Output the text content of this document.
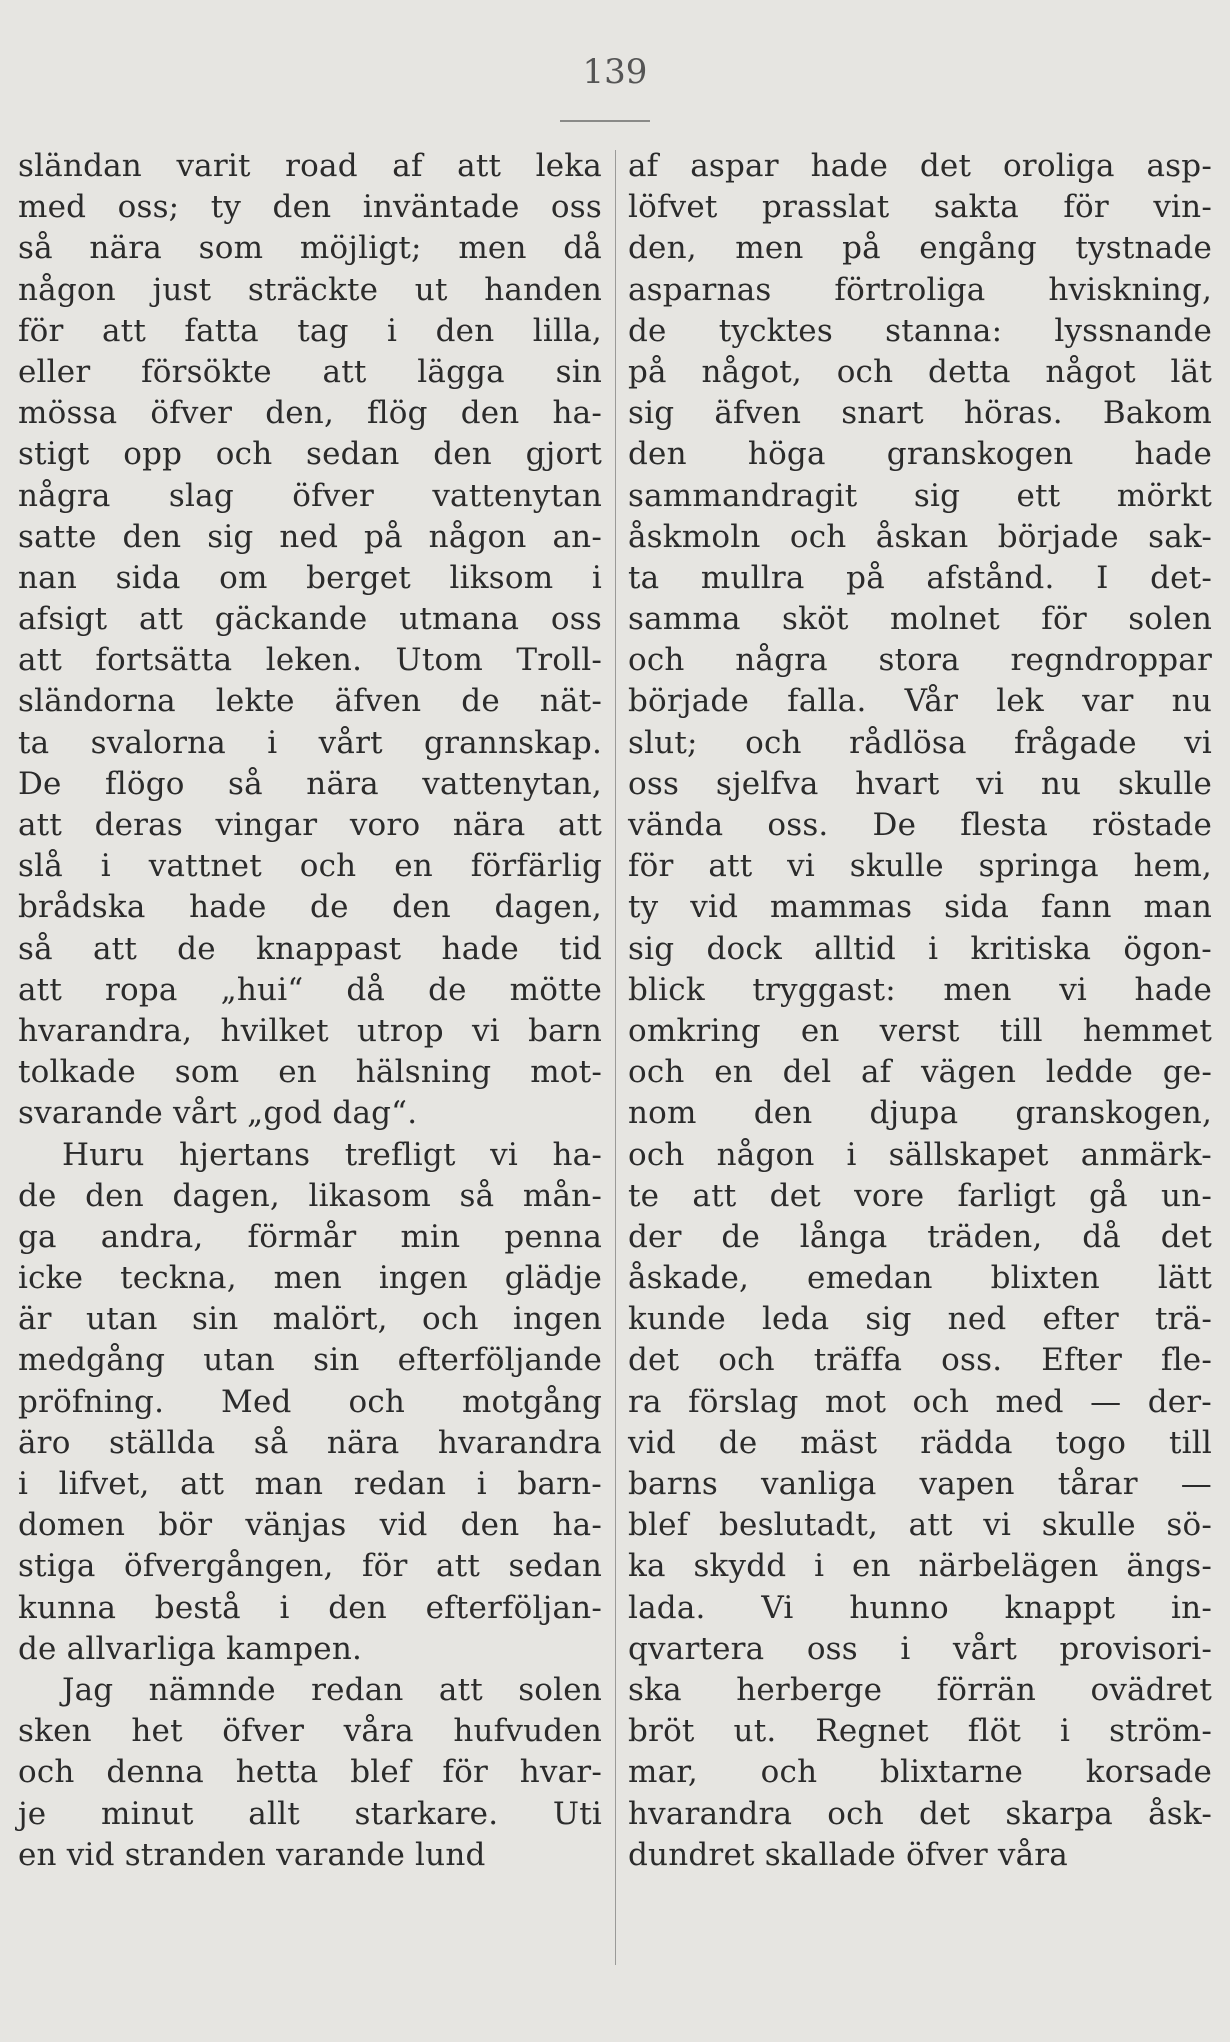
139
sländan varit road af att leka
med oss; ty den inväntade oss
så nära som möjligt; men då
någon just sträckte ut handen
för att fatta tag i den lilla,
eller försökte att lägga sin
mössa öfver den, flög den ha-
stigt opp och sedan den gjort
några slag öfver vattenytan
satte den sig ned på någon an-
nan sida om berget liksom i
afsigt att gäckande utmana oss
att fortsätta leken. Utom Troll-
sländorna lekte äfven de nät-
ta svalorna i vårt grannskap.
De flögo så nära vattenytan,
att deras vingar voro nära att
slå i vattnet och en förfärlig
brådska hade de den dagen,
så att de knappast hade tid
att ropa „hui“ då de mötte
hvarandra, hvilket utrop vi barn
tolkade som en hälsning mot-
svarande vårt „god dag“.
Huru hjertans trefligt vi ha-
de den dagen, likasom så mån-
ga andra, förmår min penna
icke teckna, men ingen glädje
är utan sin malört, och ingen
medgång utan sin efterföljande
pröfning. Med och motgång
äro ställda så nära hvarandra
i lifvet, att man redan i barn-
domen bör vänjas vid den ha-
stiga öfvergången, för att sedan
kunna bestå i den efterföljan-
de allvarliga kampen.
Jag nämnde redan att solen
sken het öfver våra hufvuden
och denna hetta blef för hvar-
je minut allt starkare. Uti
en vid stranden varande lund
af aspar hade det oroliga asp-
löfvet prasslat sakta för vin-
den, men på engång tystnade
asparnas förtroliga hviskning,
de tycktes stanna: lyssnande
på något, och detta något lät
sig äfven snart höras. Bakom
den höga granskogen hade
sammandragit sig ett mörkt
åskmoln och åskan började sak-
ta mullra på afstånd. I det-
samma sköt molnet för solen
och några stora regndroppar
började falla. Vår lek var nu
slut; och rådlösa frågade vi
oss sjelfva hvart vi nu skulle
vända oss. De flesta röstade
för att vi skulle springa hem,
ty vid mammas sida fann man
sig dock alltid i kritiska ögon-
blick tryggast: men vi hade
omkring en verst till hemmet
och en del af vägen ledde ge-
nom den djupa granskogen,
och någon i sällskapet anmärk-
te att det vore farligt gå un-
der de långa träden, då det
åskade, emedan blixten lätt
kunde leda sig ned efter trä-
det och träffa oss. Efter fle-
ra förslag mot och med — der-
vid de mäst rädda togo till
barns vanliga vapen tårar —
blef beslutadt, att vi skulle sö-
ka skydd i en närbelägen ängs-
lada. Vi hunno knappt in-
qvartera oss i vårt provisori-
ska herberge förrän ovädret
bröt ut. Regnet flöt i ström-
mar, och blixtarne korsade
hvarandra och det skarpa åsk-
dundret skallade öfver våra
